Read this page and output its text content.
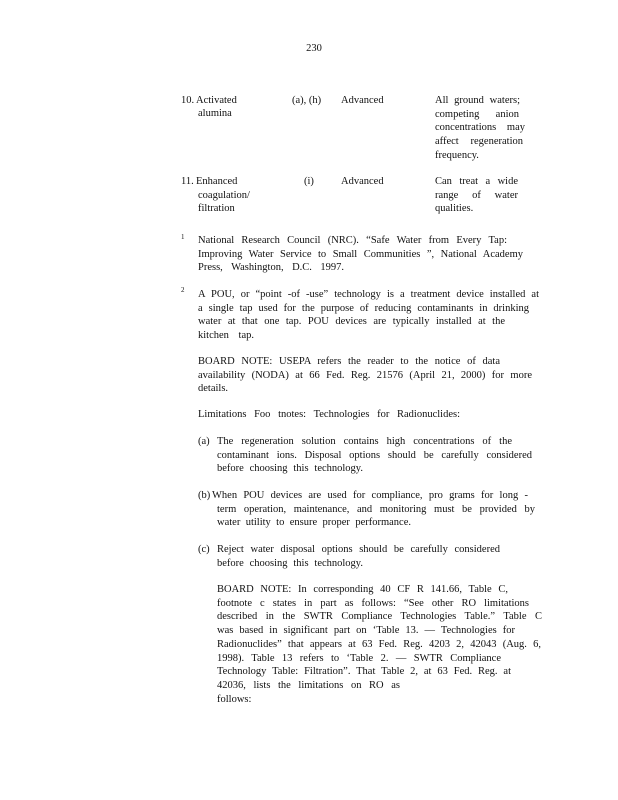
230
10. Activated
alumina
(a), (h) Advanced	All ground waters;
competing anion
concentrations may
affect regeneration
frequency.
11. Enhanced
coagulation/
filtration
(i)	Advanced	Can treat a wide
range of water
qualities.
1 National Research Council (NRC). “Safe Water from Every Tap:
Improving Water Service to Small Communities ”, National Academy
Press, Washington, D.C. 1997.
2 A POU, or “point -of -use” technology is a treatment device installed at
a single tap used for the purpose of reducing contaminants in drinking
water at that one tap. POU devices are typically installed at the
kitchen tap.
BOARD NOTE: USEPA refers the reader to the notice of data
availability (NODA) at 66 Fed. Reg. 21576 (April 21, 2000) for more
details.
Limitations Foo tnotes: Technologies for Radionuclides:
(a) The regeneration solution contains high concentrations of the
contaminant ions. Disposal options should be carefully considered
before choosing this technology.
(b) When POU devices are used for compliance, pro grams for long -
term operation, maintenance, and monitoring must be provided by
water utility to ensure proper performance.
(c) Reject water disposal options should be carefully considered
before choosing this technology.
BOARD NOTE: In corresponding 40 CF R 141.66, Table C,
footnote c states in part as follows: “See other RO limitations
described in the SWTR Compliance Technologies Table.” Table C
was based in significant part on ‘Table 13. — Technologies for
Radionuclides” that appears at 63 Fed. Reg. 4203 2, 42043 (Aug. 6,
1998). Table 13 refers to ‘Table 2. — SWTR Compliance
Technology Table: Filtration”. That Table 2, at 63 Fed. Reg. at
42036, lists the limitations on RO as follows:
